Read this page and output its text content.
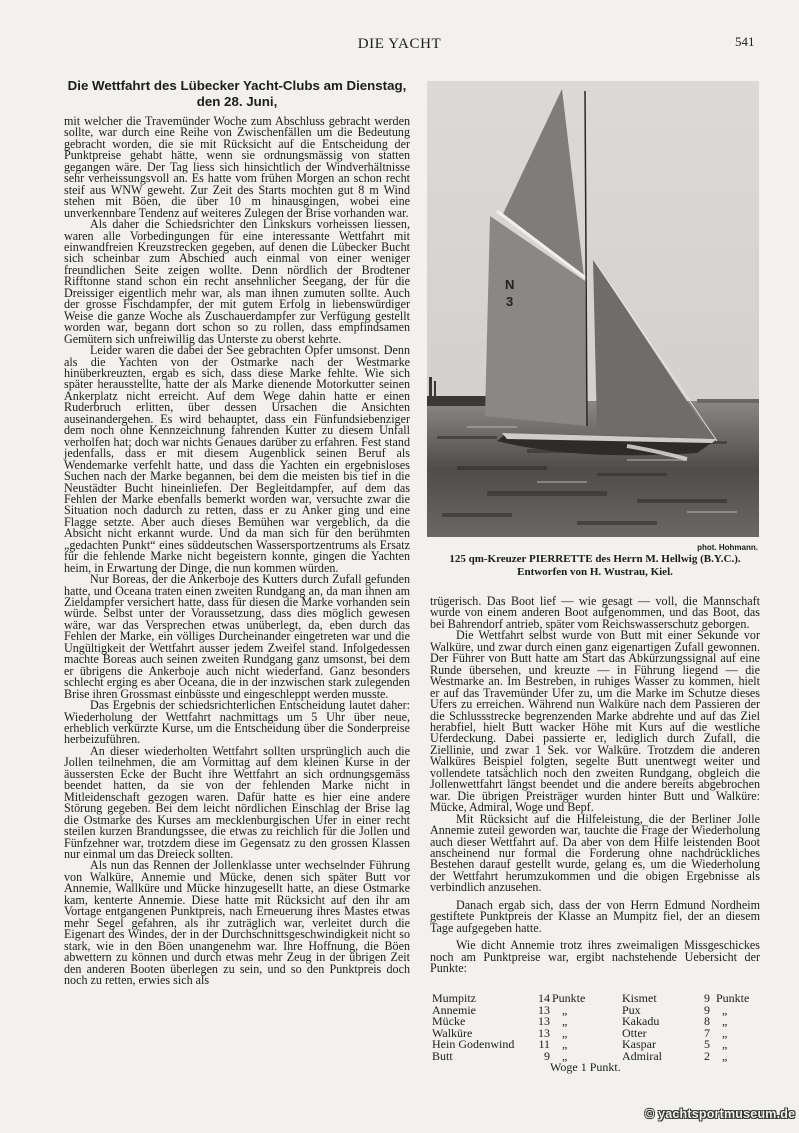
DIE YACHT	541
Die Wettfahrt des Lübecker Yacht-Clubs am Dienstag, den 28. Juni,

mit welcher die Travemünder Woche zum Abschluss gebracht werden sollte, war durch eine Reihe von Zwischenfällen um die Bedeutung gebracht worden, die sie mit Rücksicht auf die Entscheidung der Punktpreise gehabt hätte, wenn sie ordnungsmässig von statten gegangen wäre. Der Tag liess sich hinsichtlich der Windverhältnisse sehr verheissungsvoll an. Es hatte vom frühen Morgen an schon recht steif aus WNW geweht. Zur Zeit des Starts mochten gut 8 m Wind stehen mit Böen, die über 10 m hinausgingen, wobei eine unverkennbare Tendenz auf weiteres Zulegen der Brise vorhanden war.

Als daher die Schiedsrichter den Linkskurs vorheissen liessen, waren alle Vorbedingungen für eine interessante Wettfahrt mit einwandfreien Kreuzstrecken gegeben, auf denen die Lübecker Bucht sich scheinbar zum Abschied auch einmal von einer weniger freundlichen Seite zeigen wollte. Denn nördlich der Brodtener Rifftonne stand schon ein recht ansehnlicher Seegang, der für die Dreissiger eigentlich mehr war, als man ihnen zumuten sollte. Auch der grosse Fischdampfer, der mit gutem Erfolg in liebenswürdiger Weise die ganze Woche als Zuschauerdampfer zur Verfügung gestellt worden war, begann dort schon so zu rollen, dass empfindsamen Gemütern sich unfreiwillig das Unterste zu oberst kehrte.

Leider waren die dabei der See gebrachten Opfer umsonst. Denn als die Yachten von der Ostmarke nach der Westmarke hinüberkreuzten, ergab es sich, dass diese Marke fehlte. Wie sich später herausstellte, hatte der als Marke dienende Motorkutter seinen Ankerplatz nicht erreicht. Auf dem Wege dahin hatte er einen Ruderbruch erlitten, über dessen Ursachen die Ansichten auseinandergehen. Es wird behauptet, dass ein Fünfundsiebenziger dem noch ohne Kennzeichnung fahrenden Kutter zu diesem Unfall verholfen hat; doch war nichts Genaues darüber zu erfahren. Fest stand jedenfalls, dass er mit diesem Augenblick seinen Beruf als Wendemarke verfehlt hatte, und dass die Yachten ein ergebnisloses Suchen nach der Marke begannen, bei dem die meisten bis tief in die Neustädter Bucht hineinliefen. Der Begleitdampfer, auf dem das Fehlen der Marke ebenfalls bemerkt worden war, versuchte zwar die Situation noch dadurch zu retten, dass er zu Anker ging und eine Flagge setzte. Aber auch dieses Bemühen war vergeblich, da die Absicht nicht erkannt wurde. Und da man sich für den berühmten „gedachten Punkt“ eines süddeutschen Wassersportzentrums als Ersatz für die fehlende Marke nicht begeistern konnte, gingen die Yachten heim, in Erwartung der Dinge, die nun kommen würden.

Nur Boreas, der die Ankerboje des Kutters durch Zufall gefunden hatte, und Oceana traten einen zweiten Rundgang an, da man ihnen am Zieldampfer versichert hatte, dass für diesen die Marke vorhanden sein würde. Selbst unter der Voraussetzung, dass dies möglich gewesen wäre, war das Versprechen etwas unüberlegt, da, eben durch das Fehlen der Marke, ein völliges Durcheinander eingetreten war und die Ungültigkeit der Wettfahrt ausser jedem Zweifel stand. Infolgedessen machte Boreas auch seinen zweiten Rundgang ganz umsonst, bei dem er übrigens die Ankerboje auch nicht wiederfand. Ganz besonders schlecht erging es aber Oceana, die in der inzwischen stark zulegenden Brise ihren Grossmast einbüsste und eingeschleppt werden musste.

Das Ergebnis der schiedsrichterlichen Entscheidung lautet daher: Wiederholung der Wettfahrt nachmittags um 5 Uhr über neue, erheblich verkürzte Kurse, um die Entscheidung über die Sonderpreise herbeizuführen.

An dieser wiederholten Wettfahrt sollten ursprünglich auch die Jollen teilnehmen, die am Vormittag auf dem kleinen Kurse in der äussersten Ecke der Bucht ihre Wettfahrt an sich ordnungsgemäss beendet hatten, da sie von der fehlenden Marke nicht in Mitleidenschaft gezogen waren. Dafür hatte es hier eine andere Störung gegeben. Bei dem leicht nördlichen Einschlag der Brise lag die Ostmarke des Kurses am mecklenburgischen Ufer in einer recht steilen kurzen Brandungssee, die etwas zu reichlich für die Jollen und Fünfzehner war, trotzdem diese im Gegensatz zu den grossen Klassen nur einmal um das Dreieck sollten.

Als nun das Rennen der Jollenklasse unter wechselnder Führung von Walküre, Annemie und Mücke, denen sich später Butt vor Annemie, Wallküre und Mücke hinzugesellt hatte, an diese Ostmarke kam, kenterte Annemie. Diese hatte mit Rücksicht auf den ihr am Vortage entgangenen Punktpreis, nach Erneuerung ihres Mastes etwas mehr Segel gefahren, als ihr zuträglich war, verleitet durch die Eigenart des Windes, der in der Durchschnittsgeschwindigkeit nicht so stark, wie in den Böen unangenehm war. Ihre Hoffnung, die Böen abwettern zu können und durch etwas mehr Zeug in der übrigen Zeit den anderen Booten überlegen zu sein, und so den Punktpreis doch noch zu retten, erwies sich als

N
3
phot. Hohmann.
125 qm-Kreuzer PIERRETTE des Herrn M. Hellwig (B.Y.C.).
Entworfen von H. Wustrau, Kiel.

trügerisch. Das Boot lief — wie gesagt — voll, die Mannschaft wurde von einem anderen Boot aufgenommen, und das Boot, das bei Bahrendorf antrieb, später vom Reichswasserschutz geborgen.

Die Wettfahrt selbst wurde von Butt mit einer Sekunde vor Walküre, und zwar durch einen ganz eigenartigen Zufall gewonnen. Der Führer von Butt hatte am Start das Abkürzungssignal auf eine Runde übersehen, und kreuzte — in Führung liegend — die Westmarke an. Im Bestreben, in ruhiges Wasser zu kommen, hielt er auf das Travemünder Ufer zu, um die Marke im Schutze dieses Ufers zu erreichen. Während nun Walküre nach dem Passieren der die Schlussstrecke begrenzenden Marke abdrehte und auf das Ziel herabfiel, hielt Butt wacker Höhe mit Kurs auf die westliche Uferdeckung. Dabei passierte er, lediglich durch Zufall, die Ziellinie, und zwar 1 Sek. vor Walküre. Trotzdem die anderen Walküres Beispiel folgten, segelte Butt unentwegt weiter und vollendete tatsächlich noch den zweiten Rundgang, obgleich die Jollenwettfahrt längst beendet und die andere bereits abgebrochen war. Die übrigen Preisträger wurden hinter Butt und Walküre: Mücke, Admiral, Woge und Bepf.

Mit Rücksicht auf die Hilfeleistung, die der Berliner Jolle Annemie zuteil geworden war, tauchte die Frage der Wiederholung auch dieser Wettfahrt auf. Da aber von dem Hilfe leistenden Boot anscheinend nur formal die Forderung ohne nachdrückliches Bestehen darauf gestellt wurde, gelang es, um die Wiederholung der Wettfahrt herumzukommen und die obigen Ergebnisse als verbindlich anzusehen.

Danach ergab sich, dass der von Herrn Edmund Nordheim gestiftete Punktpreis der Klasse an Mumpitz fiel, der an diesem Tage aufgegeben hatte.

Wie dicht Annemie trotz ihres zweimaligen Missgeschickes noch am Punktpreise war, ergibt nachstehende Uebersicht der Punkte:

Mumpitz	14 Punkte	Kismet	9 Punkte
Annemie	13 „	Pux	9 „
Mücke	13 „	Kakadu	8 „
Walküre	13 „	Otter	7 „
Hein Godenwind	11 „	Kaspar	5 „
Butt	9 „	Admiral	2 „
Woge 1 Punkt.
© yachtsportmuseum.de
